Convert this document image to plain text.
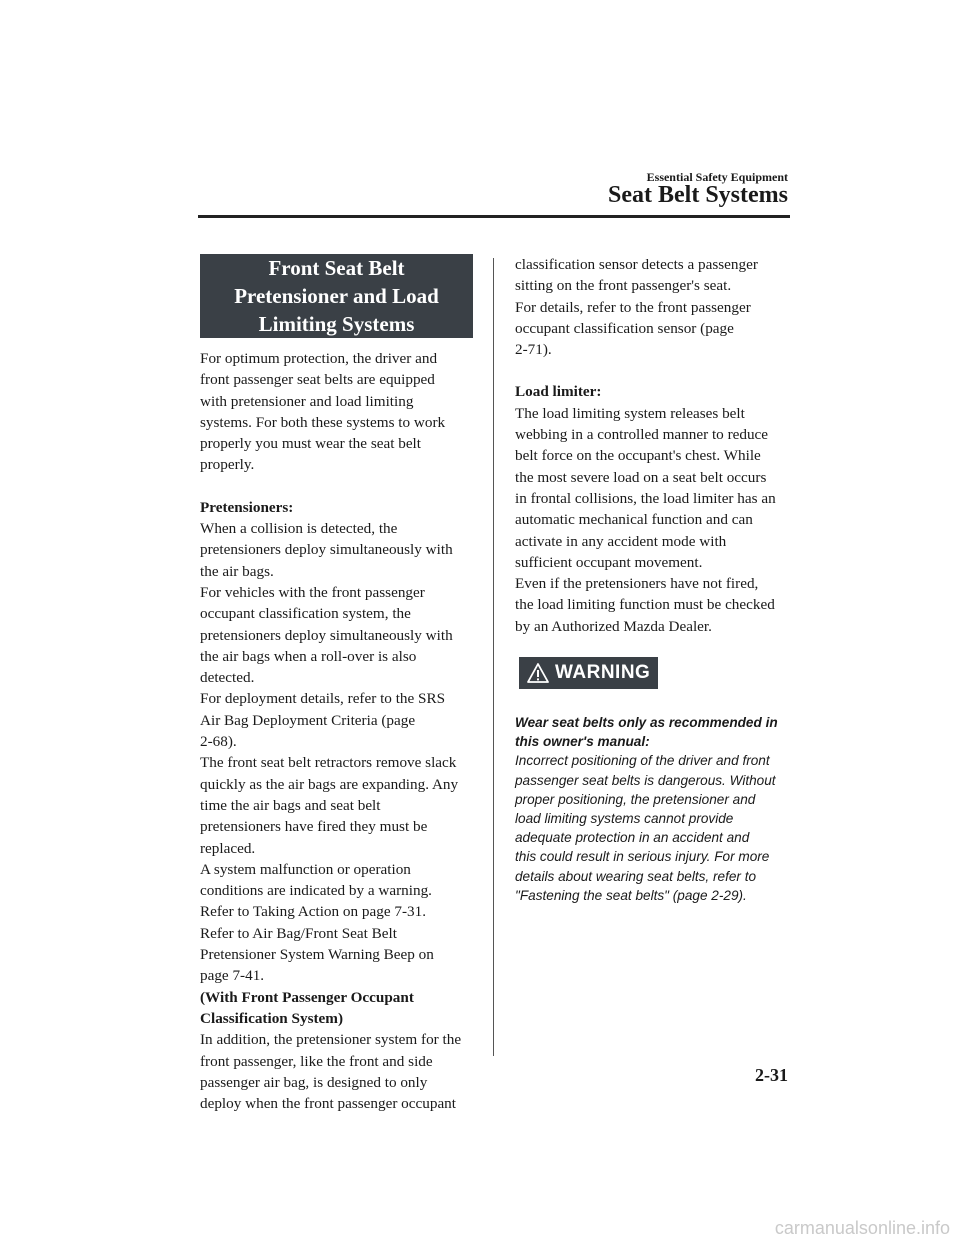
Essential Safety Equipment
Seat Belt Systems
Front Seat Belt
Pretensioner and Load
Limiting Systems

For optimum protection, the driver and

front passenger seat belts are equipped

with pretensioner and load limiting

systems. For both these systems to work

properly you must wear the seat belt

properly.

Pretensioners:

When a collision is detected, the

pretensioners deploy simultaneously with

the air bags.

For vehicles with the front passenger

occupant classification system, the

pretensioners deploy simultaneously with

the air bags when a roll-over is also

detected.

For deployment details, refer to the SRS

Air Bag Deployment Criteria (page

2-68).

The front seat belt retractors remove slack

quickly as the air bags are expanding. Any

time the air bags and seat belt

pretensioners have fired they must be

replaced.

A system malfunction or operation

conditions are indicated by a warning.

Refer to Taking Action on page 7-31.

Refer to Air Bag/Front Seat Belt

Pretensioner System Warning Beep on

page 7-41.

(With Front Passenger Occupant

Classification System)

In addition, the pretensioner system for the

front passenger, like the front and side

passenger air bag, is designed to only

deploy when the front passenger occupant

classification sensor detects a passenger

sitting on the front passenger's seat.

For details, refer to the front passenger

occupant classification sensor (page

2-71).

Load limiter:

The load limiting system releases belt

webbing in a controlled manner to reduce

belt force on the occupant's chest. While

the most severe load on a seat belt occurs

in frontal collisions, the load limiter has an

automatic mechanical function and can

activate in any accident mode with

sufficient occupant movement.

Even if the pretensioners have not fired,

the load limiting function must be checked

by an Authorized Mazda Dealer.

WARNING

Wear seat belts only as recommended in

this owner's manual:

Incorrect positioning of the driver and front

passenger seat belts is dangerous. Without

proper positioning, the pretensioner and

load limiting systems cannot provide

adequate protection in an accident and

this could result in serious injury. For more

details about wearing seat belts, refer to

"Fastening the seat belts" (page 2-29).

2-31
carmanualsonline.info
